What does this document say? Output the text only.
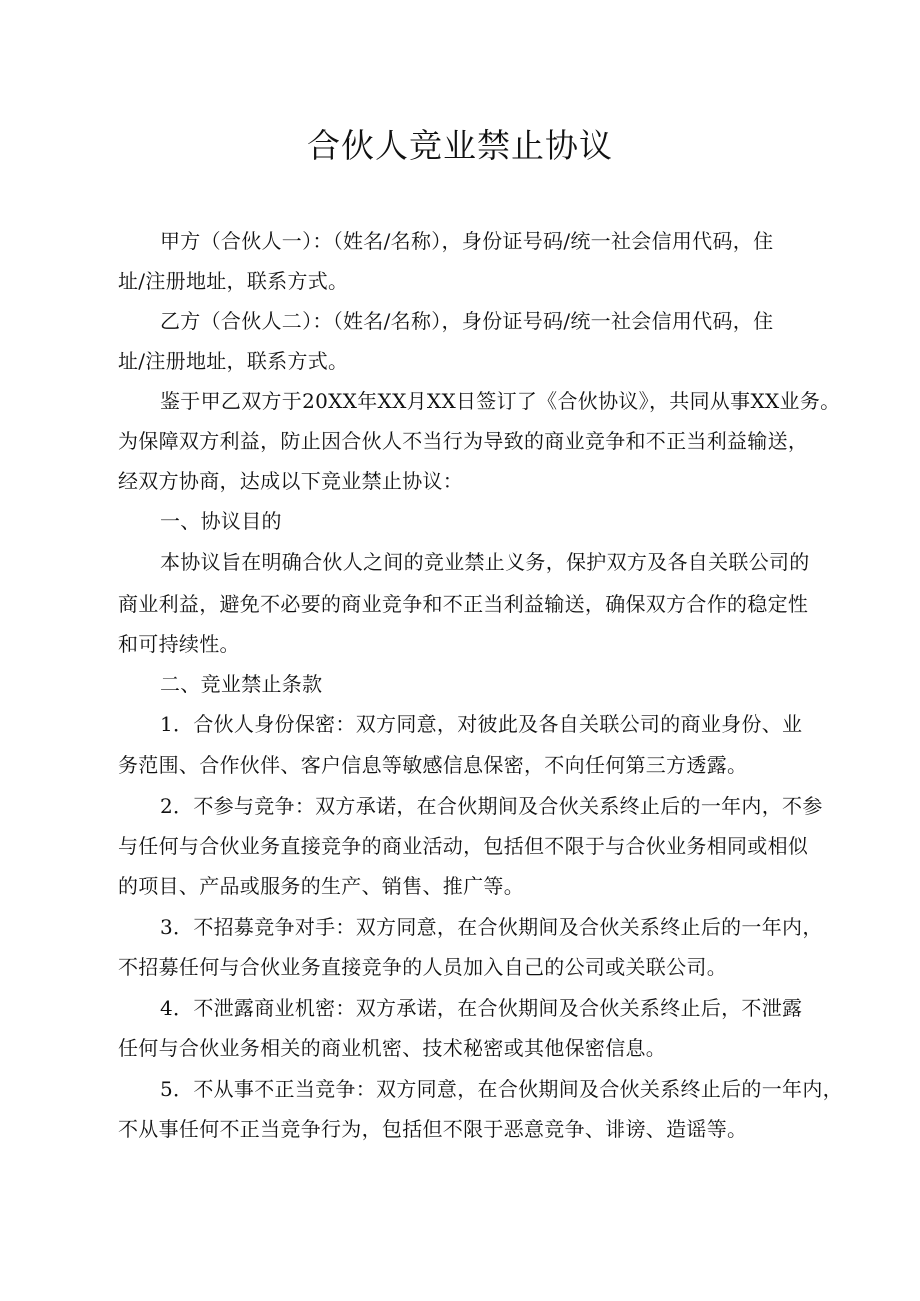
合伙人竞业禁止协议
甲方（合伙人一）：（姓名/名称），身份证号码/统一社会信用代码，住
址/注册地址，联系方式。
乙方（合伙人二）：（姓名/名称），身份证号码/统一社会信用代码，住
址/注册地址，联系方式。
鉴于甲乙双方于20XX年XX月XX日签订了《合伙协议》，共同从事XX业务。
为保障双方利益，防止因合伙人不当行为导致的商业竞争和不正当利益输送，
经双方协商，达成以下竞业禁止协议：
一、协议目的
本协议旨在明确合伙人之间的竞业禁止义务，保护双方及各自关联公司的
商业利益，避免不必要的商业竞争和不正当利益输送，确保双方合作的稳定性
和可持续性。
二、竞业禁止条款
1．合伙人身份保密：双方同意，对彼此及各自关联公司的商业身份、业
务范围、合作伙伴、客户信息等敏感信息保密，不向任何第三方透露。
2．不参与竞争：双方承诺，在合伙期间及合伙关系终止后的一年内，不参
与任何与合伙业务直接竞争的商业活动，包括但不限于与合伙业务相同或相似
的项目、产品或服务的生产、销售、推广等。
3．不招募竞争对手：双方同意，在合伙期间及合伙关系终止后的一年内，
不招募任何与合伙业务直接竞争的人员加入自己的公司或关联公司。
4．不泄露商业机密：双方承诺，在合伙期间及合伙关系终止后，不泄露
任何与合伙业务相关的商业机密、技术秘密或其他保密信息。
5．不从事不正当竞争：双方同意，在合伙期间及合伙关系终止后的一年内，
不从事任何不正当竞争行为，包括但不限于恶意竞争、诽谤、造谣等。
